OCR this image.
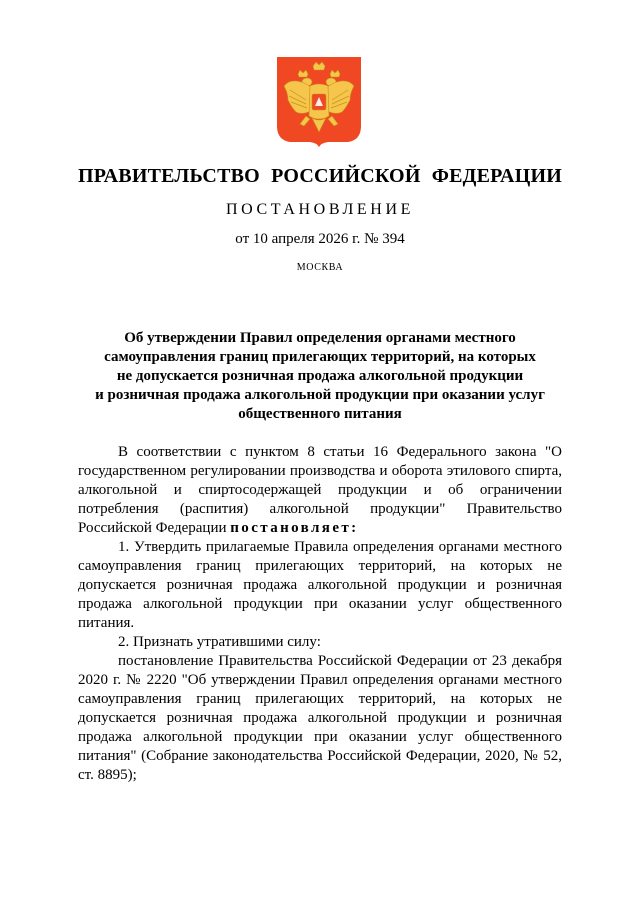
ПРАВИТЕЛЬСТВО РОССИЙСКОЙ ФЕДЕРАЦИИ
ПОСТАНОВЛЕНИЕ
от 10 апреля 2026 г. № 394
МОСКВА
Об утверждении Правил определения органами местного
самоуправления границ прилегающих территорий, на которых
не допускается розничная продажа алкогольной продукции
и розничная продажа алкогольной продукции при оказании услуг
общественного питания

В соответствии с пунктом 8 статьи 16 Федерального закона "О государственном регулировании производства и оборота этилового спирта, алкогольной и спиртосодержащей продукции и об ограничении потребления (распития) алкогольной продукции" Правительство Российской Федерации постановляет:

1. Утвердить прилагаемые Правила определения органами местного самоуправления границ прилегающих территорий, на которых не допускается розничная продажа алкогольной продукции и розничная продажа алкогольной продукции при оказании услуг общественного питания.

2. Признать утратившими силу:

постановление Правительства Российской Федерации от 23 декабря 2020 г. № 2220 "Об утверждении Правил определения органами местного самоуправления границ прилегающих территорий, на которых не допускается розничная продажа алкогольной продукции и розничная продажа алкогольной продукции при оказании услуг общественного питания" (Собрание законодательства Российской Федерации, 2020, № 52, ст. 8895);
